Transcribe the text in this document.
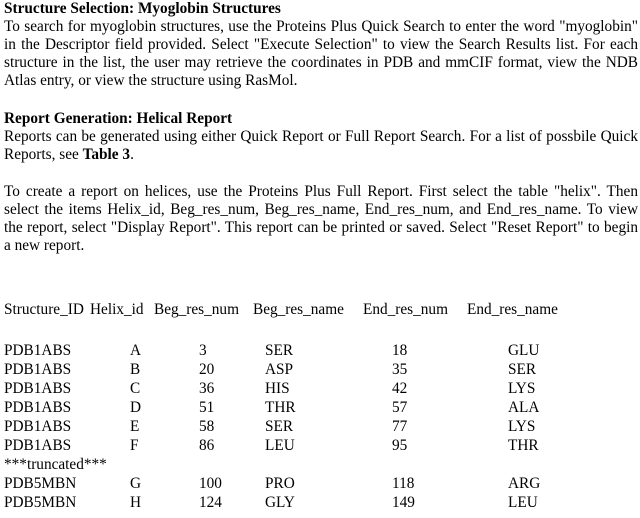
Structure Selection: Myoglobin Structures

To search for myoglobin structures, use the Proteins Plus Quick Search to enter the word "myoglobin" in the Descriptor field provided. Select "Execute Selection" to view the Search Results list. For each structure in the list, the user may retrieve the coordinates in PDB and mmCIF format, view the NDB Atlas entry, or view the structure using RasMol.

Report Generation: Helical Report

Reports can be generated using either Quick Report or Full Report Search. For a list of possbile Quick Reports, see Table 3.

To create a report on helices, use the Proteins Plus Full Report. First select the table "helix". Then select the items Helix_id, Beg_res_num, Beg_res_name, End_res_num, and End_res_name. To view the report, select "Display Report". This report can be printed or saved. Select "Reset Report" to begin a new report.

Structure_ID Helix_id Beg_res_num Beg_res_name End_res_num End_res_name
PDB1ABS	A	3	SER	18	GLU
PDB1ABS	B	20	ASP	35	SER
PDB1ABS	C	36	HIS	42	LYS
PDB1ABS	D	51	THR	57	ALA
PDB1ABS	E	58	SER	77	LYS
PDB1ABS	F	86	LEU	95	THR
***truncated***
PDB5MBN	G	100	PRO	118	ARG
PDB5MBN	H	124	GLY	149	LEU
